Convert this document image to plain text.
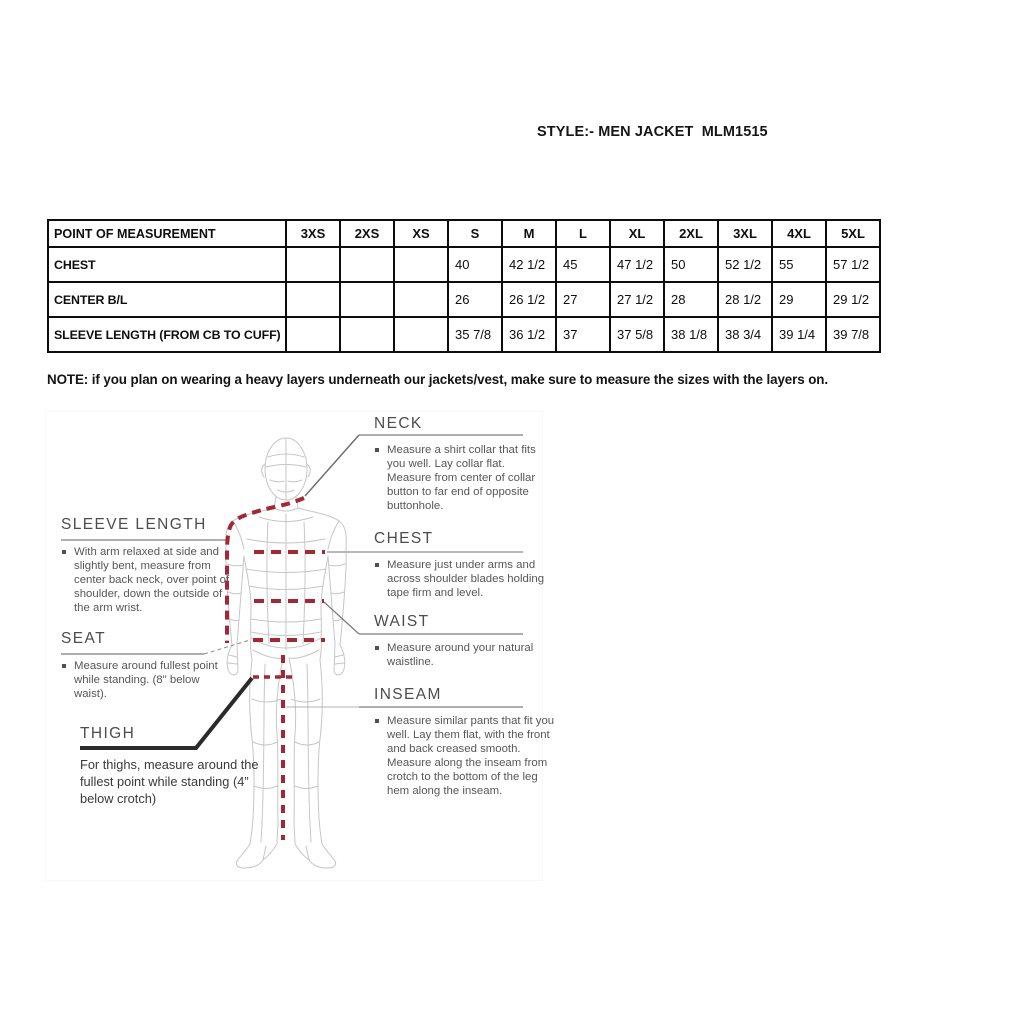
STYLE:- MEN JACKET  MLM1515
POINT OF MEASUREMENT	3XS	2XS	XS	S	M	L	XL	2XL	3XL	4XL	5XL
CHEST				40	42 1/2	45	47 1/2	50	52 1/2	55	57 1/2
CENTER B/L				26	26 1/2	27	27 1/2	28	28 1/2	29	29 1/2
SLEEVE LENGTH (FROM CB TO CUFF)				35 7/8	36 1/2	37	37 5/8	38 1/8	38 3/4	39 1/4	39 7/8
NOTE: if you plan on wearing a heavy layers underneath our jackets/vest, make sure to measure the sizes with the layers on.
NECK
Measure a shirt collar that fits you well. Lay collar flat. Measure from center of collar button to far end of opposite buttonhole.
CHEST
Measure just under arms and across shoulder blades holding tape firm and level.
WAIST
Measure around your natural waistline.
INSEAM
Measure similar pants that fit you well. Lay them flat, with the front and back creased smooth. Measure along the inseam from crotch to the bottom of the leg hem along the inseam.
SLEEVE LENGTH
With arm relaxed at side and slightly bent, measure from center back neck, over point of shoulder, down the outside of the arm wrist.
SEAT
Measure around fullest point while standing. (8" below waist).
THIGH
For thighs, measure around the fullest point while standing (4” below crotch)
